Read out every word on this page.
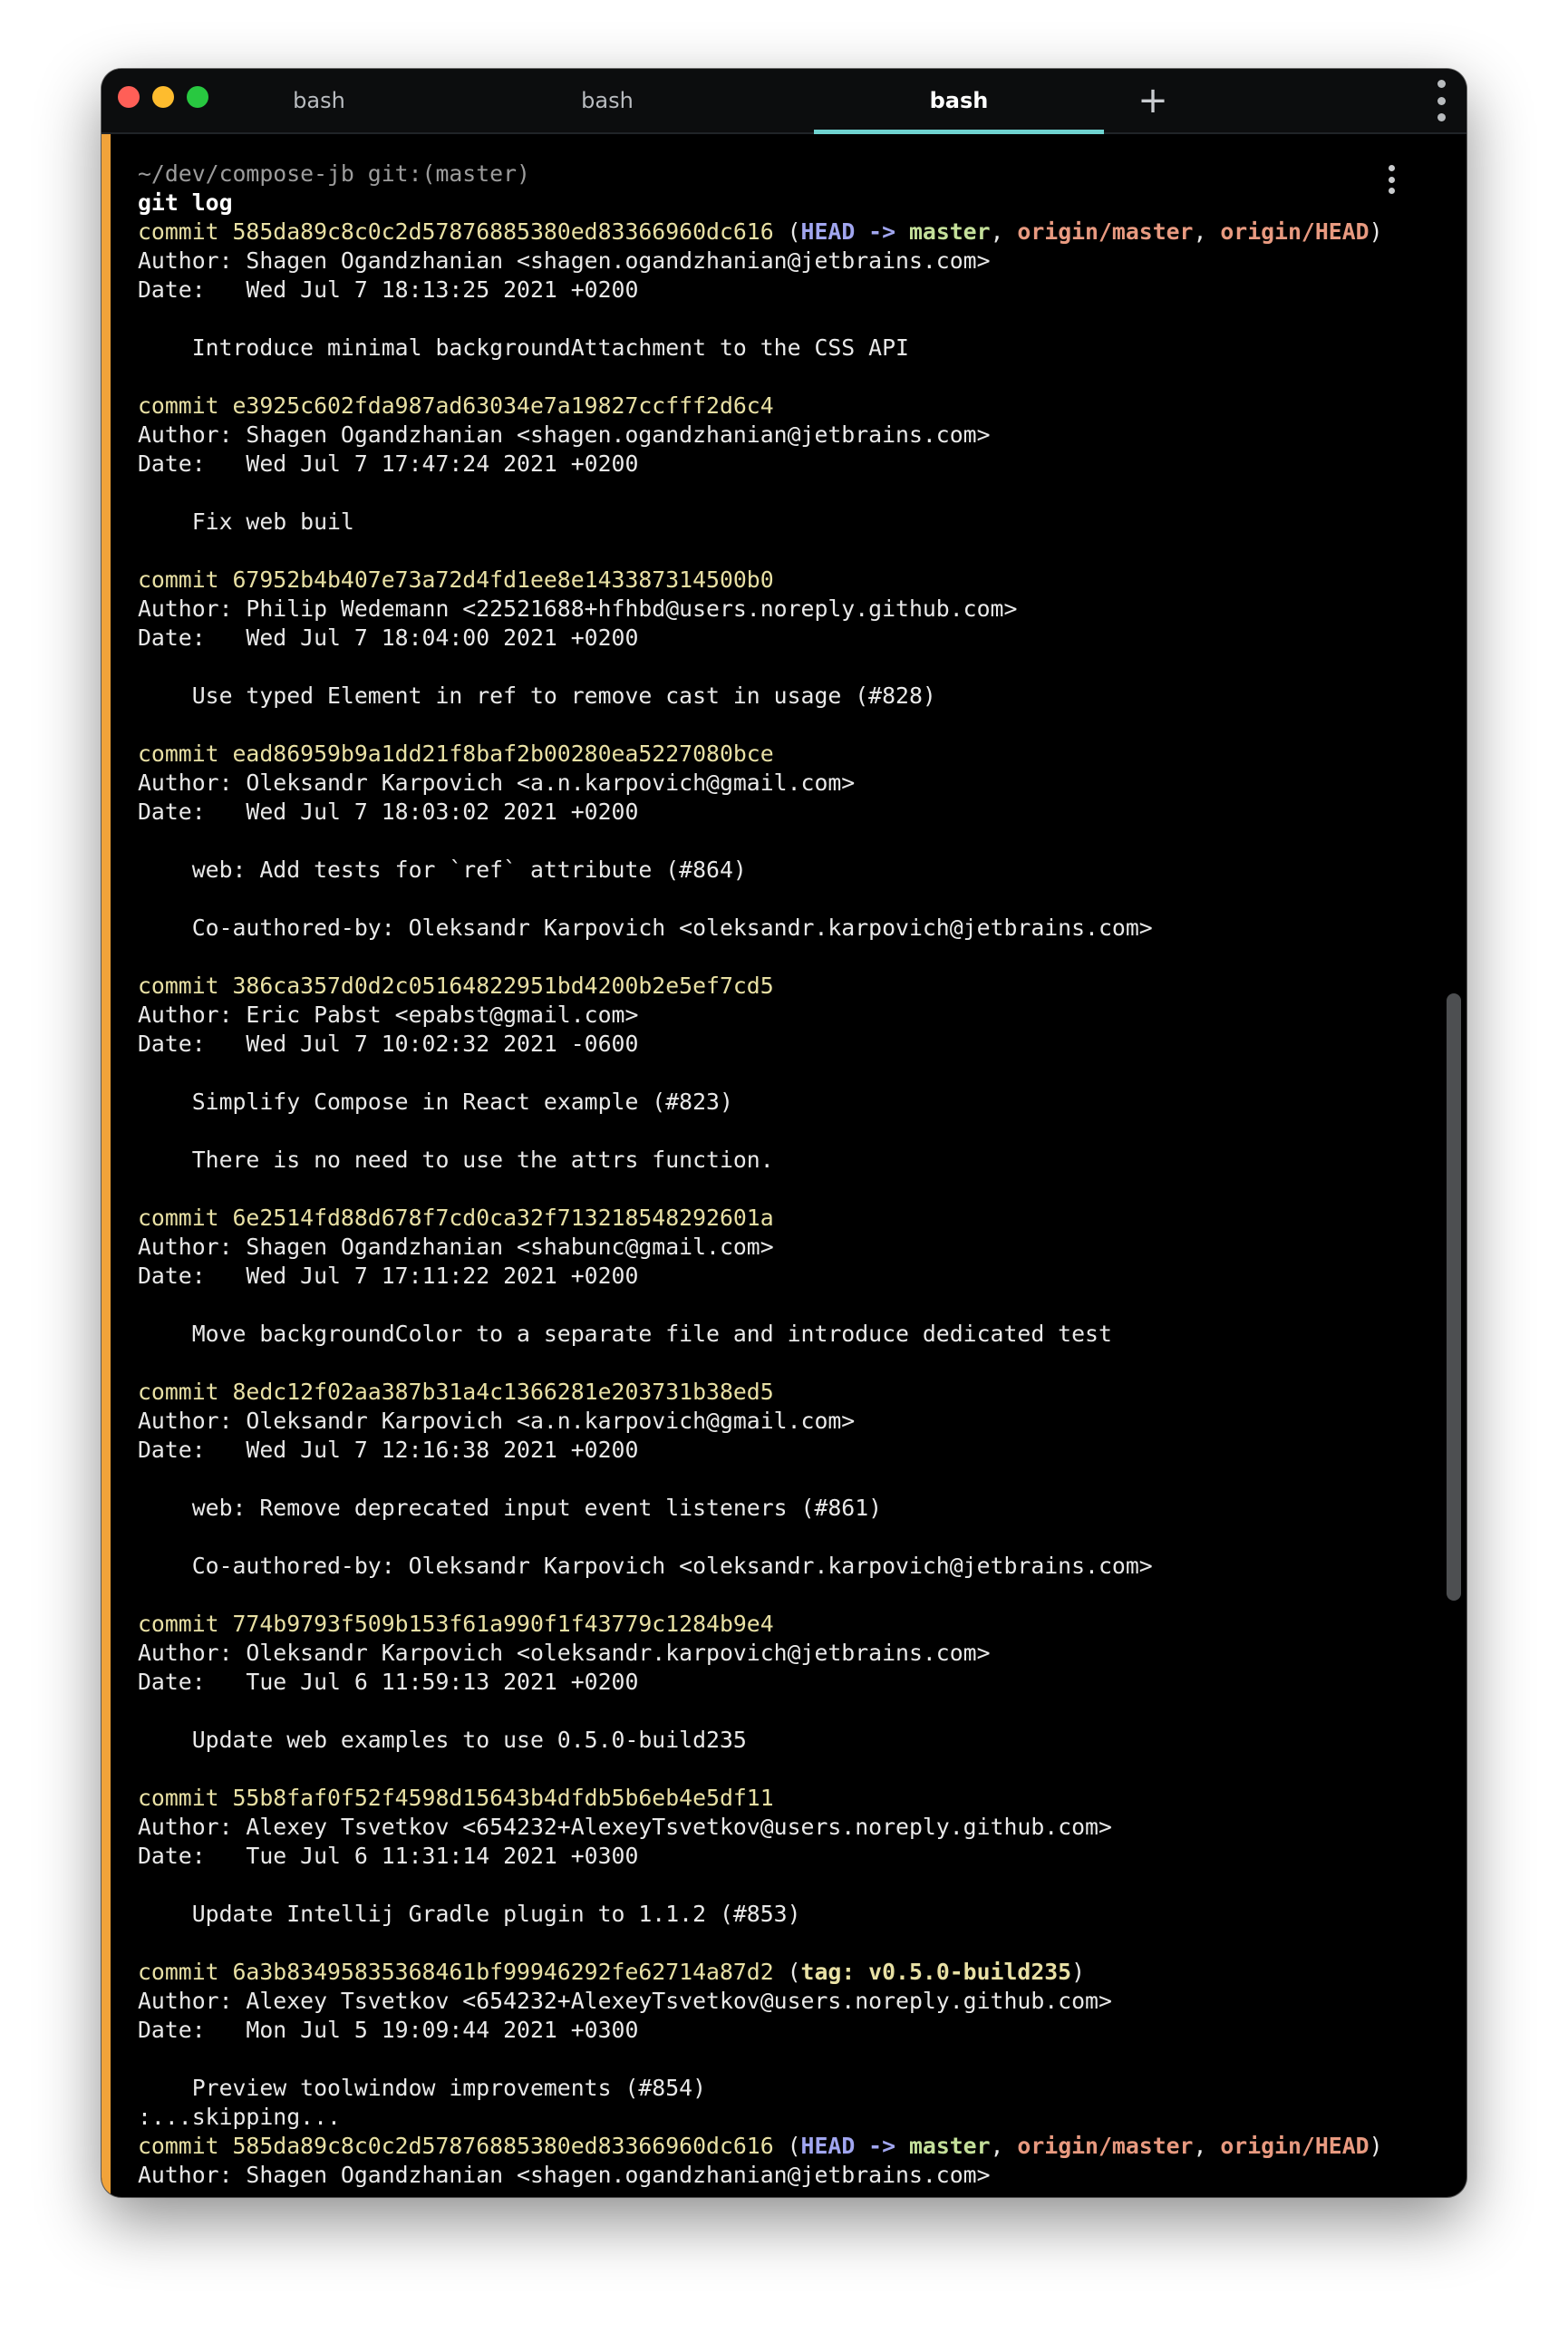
bash	bash	bash	+
~/dev/compose-jb git:(master)
git log
commit 585da89c8c0c2d57876885380ed83366960dc616 (HEAD -> master, origin/master, origin/HEAD)
Author: Shagen Ogandzhanian <shagen.ogandzhanian@jetbrains.com>
Date:   Wed Jul 7 18:13:25 2021 +0200
Introduce minimal backgroundAttachment to the CSS API
commit e3925c602fda987ad63034e7a19827ccfff2d6c4
Author: Shagen Ogandzhanian <shagen.ogandzhanian@jetbrains.com>
Date:   Wed Jul 7 17:47:24 2021 +0200
Fix web buil
commit 67952b4b407e73a72d4fd1ee8e143387314500b0
Author: Philip Wedemann <22521688+hfhbd@users.noreply.github.com>
Date:   Wed Jul 7 18:04:00 2021 +0200
Use typed Element in ref to remove cast in usage (#828)
commit ead86959b9a1dd21f8baf2b00280ea5227080bce
Author: Oleksandr Karpovich <a.n.karpovich@gmail.com>
Date:   Wed Jul 7 18:03:02 2021 +0200
web: Add tests for `ref` attribute (#864)
Co-authored-by: Oleksandr Karpovich <oleksandr.karpovich@jetbrains.com>
commit 386ca357d0d2c05164822951bd4200b2e5ef7cd5
Author: Eric Pabst <epabst@gmail.com>
Date:   Wed Jul 7 10:02:32 2021 -0600
Simplify Compose in React example (#823)
There is no need to use the attrs function.
commit 6e2514fd88d678f7cd0ca32f713218548292601a
Author: Shagen Ogandzhanian <shabunc@gmail.com>
Date:   Wed Jul 7 17:11:22 2021 +0200
Move backgroundColor to a separate file and introduce dedicated test
commit 8edc12f02aa387b31a4c1366281e203731b38ed5
Author: Oleksandr Karpovich <a.n.karpovich@gmail.com>
Date:   Wed Jul 7 12:16:38 2021 +0200
web: Remove deprecated input event listeners (#861)
Co-authored-by: Oleksandr Karpovich <oleksandr.karpovich@jetbrains.com>
commit 774b9793f509b153f61a990f1f43779c1284b9e4
Author: Oleksandr Karpovich <oleksandr.karpovich@jetbrains.com>
Date:   Tue Jul 6 11:59:13 2021 +0200
Update web examples to use 0.5.0-build235
commit 55b8faf0f52f4598d15643b4dfdb5b6eb4e5df11
Author: Alexey Tsvetkov <654232+AlexeyTsvetkov@users.noreply.github.com>
Date:   Tue Jul 6 11:31:14 2021 +0300
Update Intellij Gradle plugin to 1.1.2 (#853)
commit 6a3b83495835368461bf99946292fe62714a87d2 (tag: v0.5.0-build235)
Author: Alexey Tsvetkov <654232+AlexeyTsvetkov@users.noreply.github.com>
Date:   Mon Jul 5 19:09:44 2021 +0300
Preview toolwindow improvements (#854)
:...skipping...
commit 585da89c8c0c2d57876885380ed83366960dc616 (HEAD -> master, origin/master, origin/HEAD)
Author: Shagen Ogandzhanian <shagen.ogandzhanian@jetbrains.com>
